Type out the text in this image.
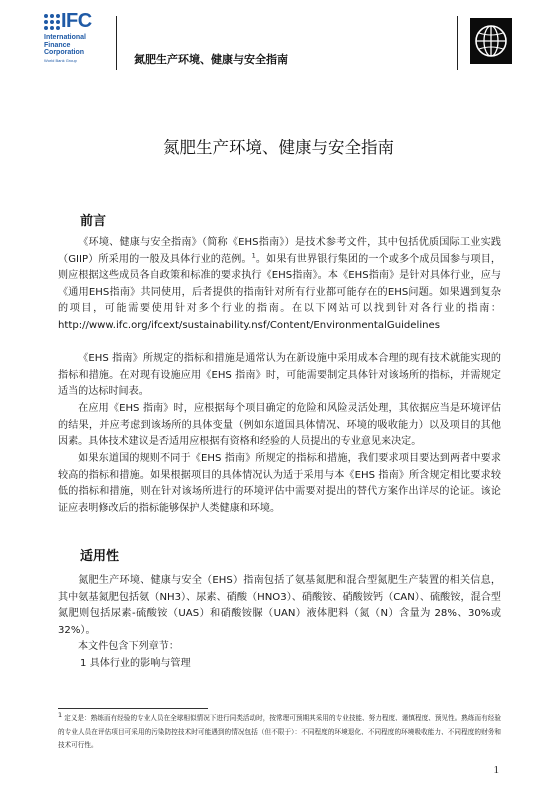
IFC
International
Finance
Corporation
World Bank Group	氮肥生产环境、健康与安全指南
氮肥生产环境、健康与安全指南
前言

《环境、健康与安全指南》（简称《EHS指南》）是技术参考文件，其中包括优质国际工业实践（GIIP）所采用的一般及具体行业的范例。$^1$。如果有世界银行集团的一个或多个成员国参与项目，则应根据这些成员各自政策和标准的要求执行《EHS指南》。本《EHS指南》是针对具体行业，应与《通用EHS指南》共同使用，后者提供的指南针对所有行业都可能存在的EHS问题。如果遇到复杂的项目，可能需要使用针对多个行业的指南。在以下网站可以找到针对各行业的指南：http://www.ifc.org/ifcext/sustainability.nsf/Content/EnvironmentalGuidelines

《EHS 指南》所规定的指标和措施是通常认为在新设施中采用成本合理的现有技术就能实现的指标和措施。在对现有设施应用《EHS 指南》时，可能需要制定具体针对该场所的指标，并需规定适当的达标时间表。

在应用《EHS 指南》时，应根据每个项目确定的危险和风险灵活处理，其依据应当是环境评估的结果，并应考虑到该场所的具体变量（例如东道国具体情况、环境的吸收能力）以及项目的其他因素。具体技术建议是否适用应根据有资格和经验的人员提出的专业意见来决定。

如果东道国的规则不同于《EHS 指南》所规定的指标和措施，我们要求项目要达到两者中要求较高的指标和措施。如果根据项目的具体情况认为适于采用与本《EHS 指南》所含规定相比要求较低的指标和措施，则在针对该场所进行的环境评估中需要对提出的替代方案作出详尽的论证。该论证应表明修改后的指标能够保护人类健康和环境。

适用性

氮肥生产环境、健康与安全（EHS）指南包括了氨基氮肥和混合型氮肥生产装置的相关信息，其中氨基氮肥包括氨（NH3）、尿素、硝酸（HNO3）、硝酸铵、硝酸铵钙（CAN）、硫酸铵，混合型氮肥则包括尿素-硫酸铵（UAS）和硝酸铵脲（UAN）液体肥料（氮（N）含量为 28%、30%或 32%）。

本文件包含下列章节：

1 具体行业的影响与管理

1 定义是：熟练而有经验的专业人员在全球相似情况下进行同类活动时，按常理可预期其采用的专业技能、努力程度、谨慎程度、预见性。熟练而有经验的专业人员在评估项目可采用的污染防控技术时可能遇到的情况包括（但不限于）：不同程度的环境退化、不同程度的环境吸收能力、不同程度的财务和技术可行性。

1
